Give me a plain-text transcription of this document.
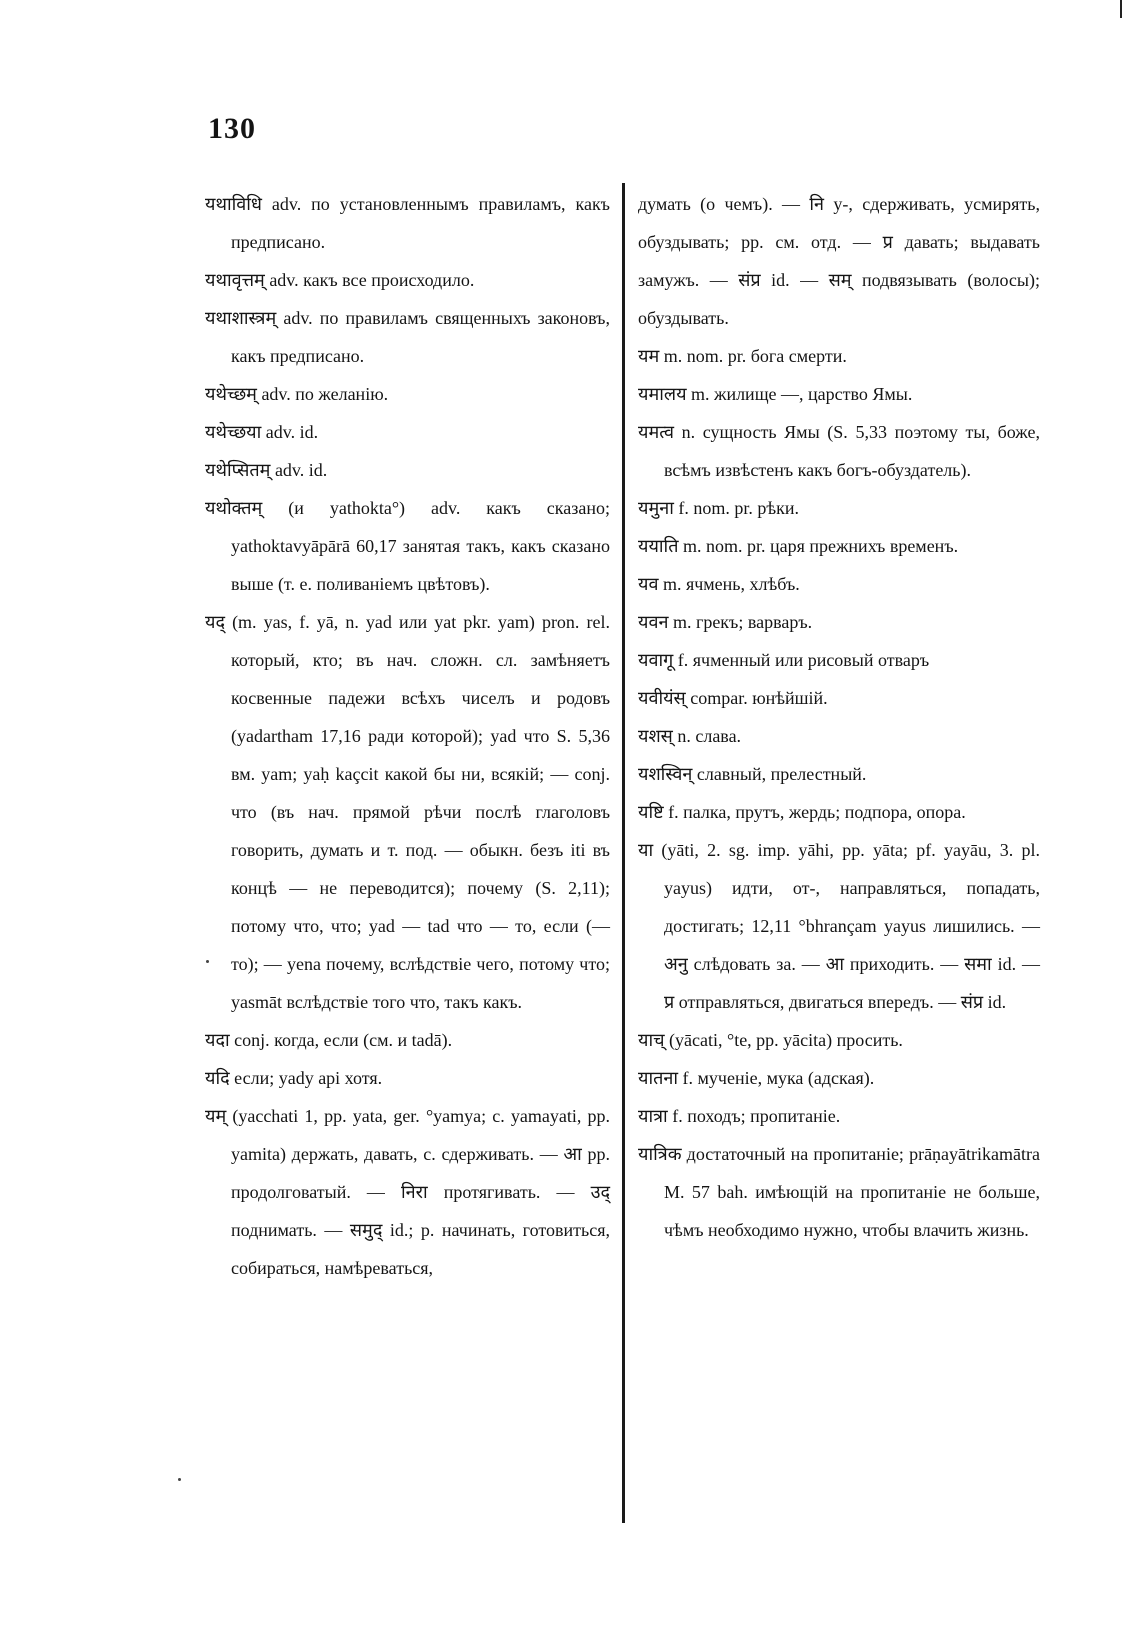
130

यथाविधि adv. по установленнымъ правиламъ, какъ предписано.

यथावृत्तम् adv. какъ все происходило.

यथाशास्त्रम् adv. по правиламъ священныхъ законовъ, какъ предписано.

यथेच्छम् adv. по желанію.

यथेच्छया adv. id.

यथेप्सितम् adv. id.

यथोक्तम् (и yathokta°) adv. какъ сказано; yathoktavyāpārā 60,17 занятая такъ, какъ сказано выше (т. е. поливаніемъ цвѣтовъ).

यद् (m. yas, f. yā, n. yad или yat pkr. yam) pron. rel. который, кто; въ нач. сложн. сл. замѣняетъ косвенные падежи всѣхъ чиселъ и родовъ (yadartham 17,16 ради которой); yad что S. 5,36 вм. yam; yaḥ kaçcit какой бы ни, всякій; — conj. что (въ нач. прямой рѣчи послѣ глаголовъ говорить, думать и т. под. — обыкн. безъ iti въ концѣ — не переводится); почему (S. 2,11); потому что, что; yad — tad что — то, если (— то); — yena почему, вслѣдствіе чего, потому что; yasmāt вслѣдствіе того что, такъ какъ.

यदा conj. когда, если (см. и tadā).

यदि если; yady api хотя.

यम् (yacchati 1, pp. yata, ger. °yamya; c. yamayati, pp. yamita) держать, давать, c. сдерживать. — आ pp. продолговатый. — निरा протягивать. — उद् поднимать. — समुद् id.; p. начинать, готовиться, собираться, намѣреваться,

думать (о чемъ). — नि у-, сдерживать, усмирять, обуздывать; pp. см. отд. — प्र давать; выдавать замужъ. — संप्र id. — सम् подвязывать (волосы); обуздывать.

यम m. nom. pr. бога смерти.

यमालय m. жилище —, царство Ямы.

यमत्व n. сущность Ямы (S. 5,33 поэтому ты, боже, всѣмъ извѣстенъ какъ богъ-обуздатель).

यमुना f. nom. pr. рѣки.

ययाति m. nom. pr. царя прежнихъ временъ.

यव m. ячмень, хлѣбъ.

यवन m. грекъ; варваръ.

यवागू f. ячменный или рисовый отваръ

यवीयंस् compar. юнѣйшій.

यशस् n. слава.

यशस्विन् славный, прелестный.

यष्टि f. палка, прутъ, жердь; подпора, опора.

या (yāti, 2. sg. imp. yāhi, pp. yāta; pf. yayāu, 3. pl. yayus) идти, от-, направляться, попадать, достигать; 12,11 °bhrançam yayus лишились. — अनु слѣдовать за. — आ приходить. — समा id. — प्र отправляться, двигаться впередъ. — संप्र id.

याच् (yācati, °te, pp. yācita) просить.

यातना f. мученіе, мука (адская).

यात्रा f. походъ; пропитаніе.

यात्रिक достаточный на пропитаніе; prāṇayātrikamātra M. 57 bah. имѣющій на пропитаніе не больше, чѣмъ необходимо нужно, чтобы влачить жизнь.
